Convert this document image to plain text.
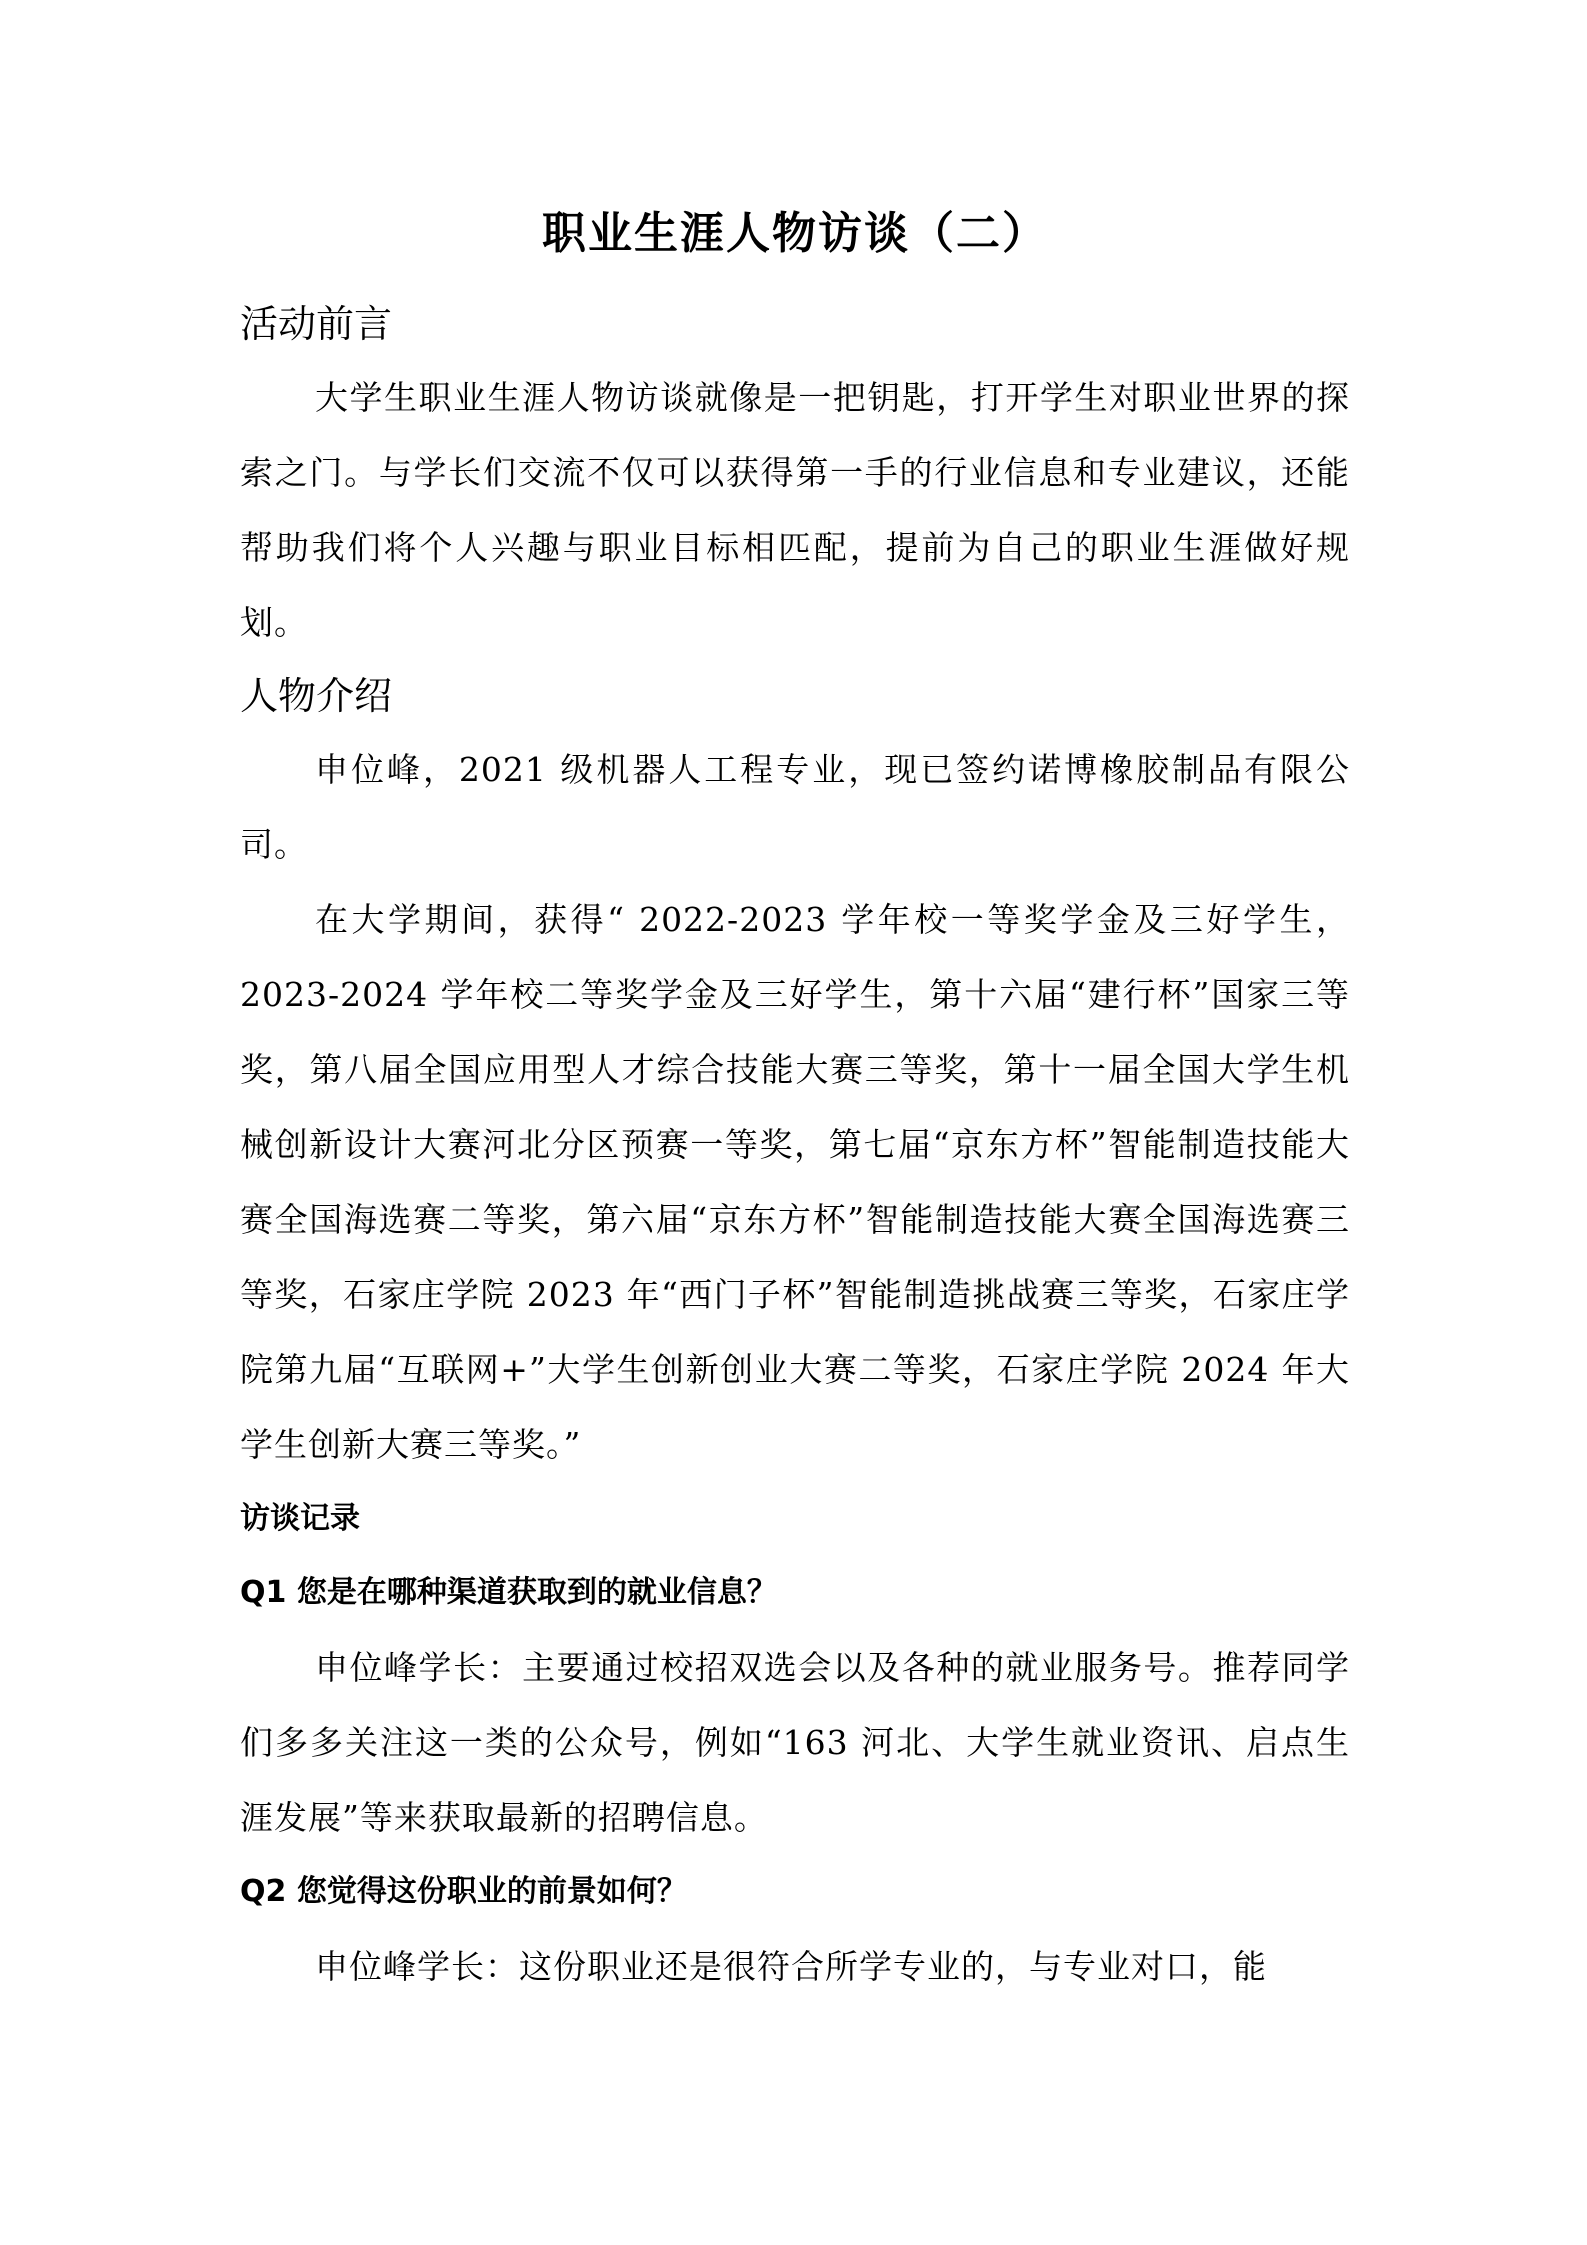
职业生涯人物访谈（二）
活动前言

大学生职业生涯人物访谈就像是一把钥匙，打开学生对职业世界的探索之门。与学长们交流不仅可以获得第一手的行业信息和专业建议，还能帮助我们将个人兴趣与职业目标相匹配，提前为自己的职业生涯做好规划。

人物介绍

申位峰，2021 级机器人工程专业，现已签约诺博橡胶制品有限公司。

在大学期间，获得“ 2022-2023 学年校一等奖学金及三好学生，2023-2024 学年校二等奖学金及三好学生，第十六届“建行杯”国家三等奖，第八届全国应用型人才综合技能大赛三等奖，第十一届全国大学生机械创新设计大赛河北分区预赛一等奖，第七届“京东方杯”智能制造技能大赛全国海选赛二等奖，第六届“京东方杯”智能制造技能大赛全国海选赛三等奖，石家庄学院 2023 年“西门子杯”智能制造挑战赛三等奖，石家庄学院第九届“互联网+”大学生创新创业大赛二等奖，石家庄学院 2024 年大学生创新大赛三等奖。”

访谈记录
Q1 您是在哪种渠道获取到的就业信息？

申位峰学长：主要通过校招双选会以及各种的就业服务号。推荐同学们多多关注这一类的公众号，例如“163 河北、大学生就业资讯、启点生涯发展”等来获取最新的招聘信息。

Q2 您觉得这份职业的前景如何？

申位峰学长：这份职业还是很符合所学专业的，与专业对口，能
